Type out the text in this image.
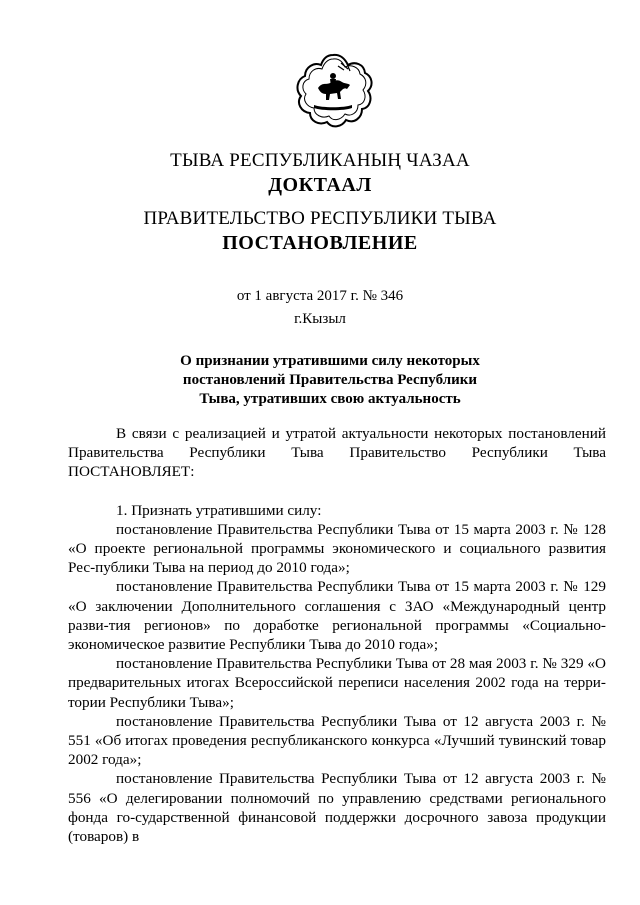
ТЫВА РЕСПУБЛИКАНЫҢ ЧАЗАА
ДОКТААЛ
ПРАВИТЕЛЬСТВО РЕСПУБЛИКИ ТЫВА
ПОСТАНОВЛЕНИЕ
от 1 августа 2017 г. № 346
г.Кызыл
О признании утратившими силу некоторых
постановлений Правительства Республики
Тыва, утративших свою актуальность

В связи с реализацией и утратой актуальности некоторых постановлений

Правительства Республики Тыва Правительство Республики Тыва

ПОСТАНОВЛЯЕТ:

1. Признать утратившими силу:

постановление Правительства Республики Тыва от 15 марта 2003 г. № 128 «О проекте региональной программы экономического и социального развития Рес-публики Тыва на период до 2010 года»;

постановление Правительства Республики Тыва от 15 марта 2003 г. № 129 «О заключении Дополнительного соглашения с ЗАО «Международный центр разви-тия регионов» по доработке региональной программы «Социально-экономическое развитие Республики Тыва до 2010 года»;

постановление Правительства Республики Тыва от 28 мая 2003 г. № 329 «О предварительных итогах Всероссийской переписи населения 2002 года на терри-тории Республики Тыва»;

постановление Правительства Республики Тыва от 12 августа 2003 г. № 551 «Об итогах проведения республиканского конкурса «Лучший тувинский товар 2002 года»;

постановление Правительства Республики Тыва от 12 августа 2003 г. № 556 «О делегировании полномочий по управлению средствами регионального фонда го-сударственной финансовой поддержки досрочного завоза продукции (товаров) в
